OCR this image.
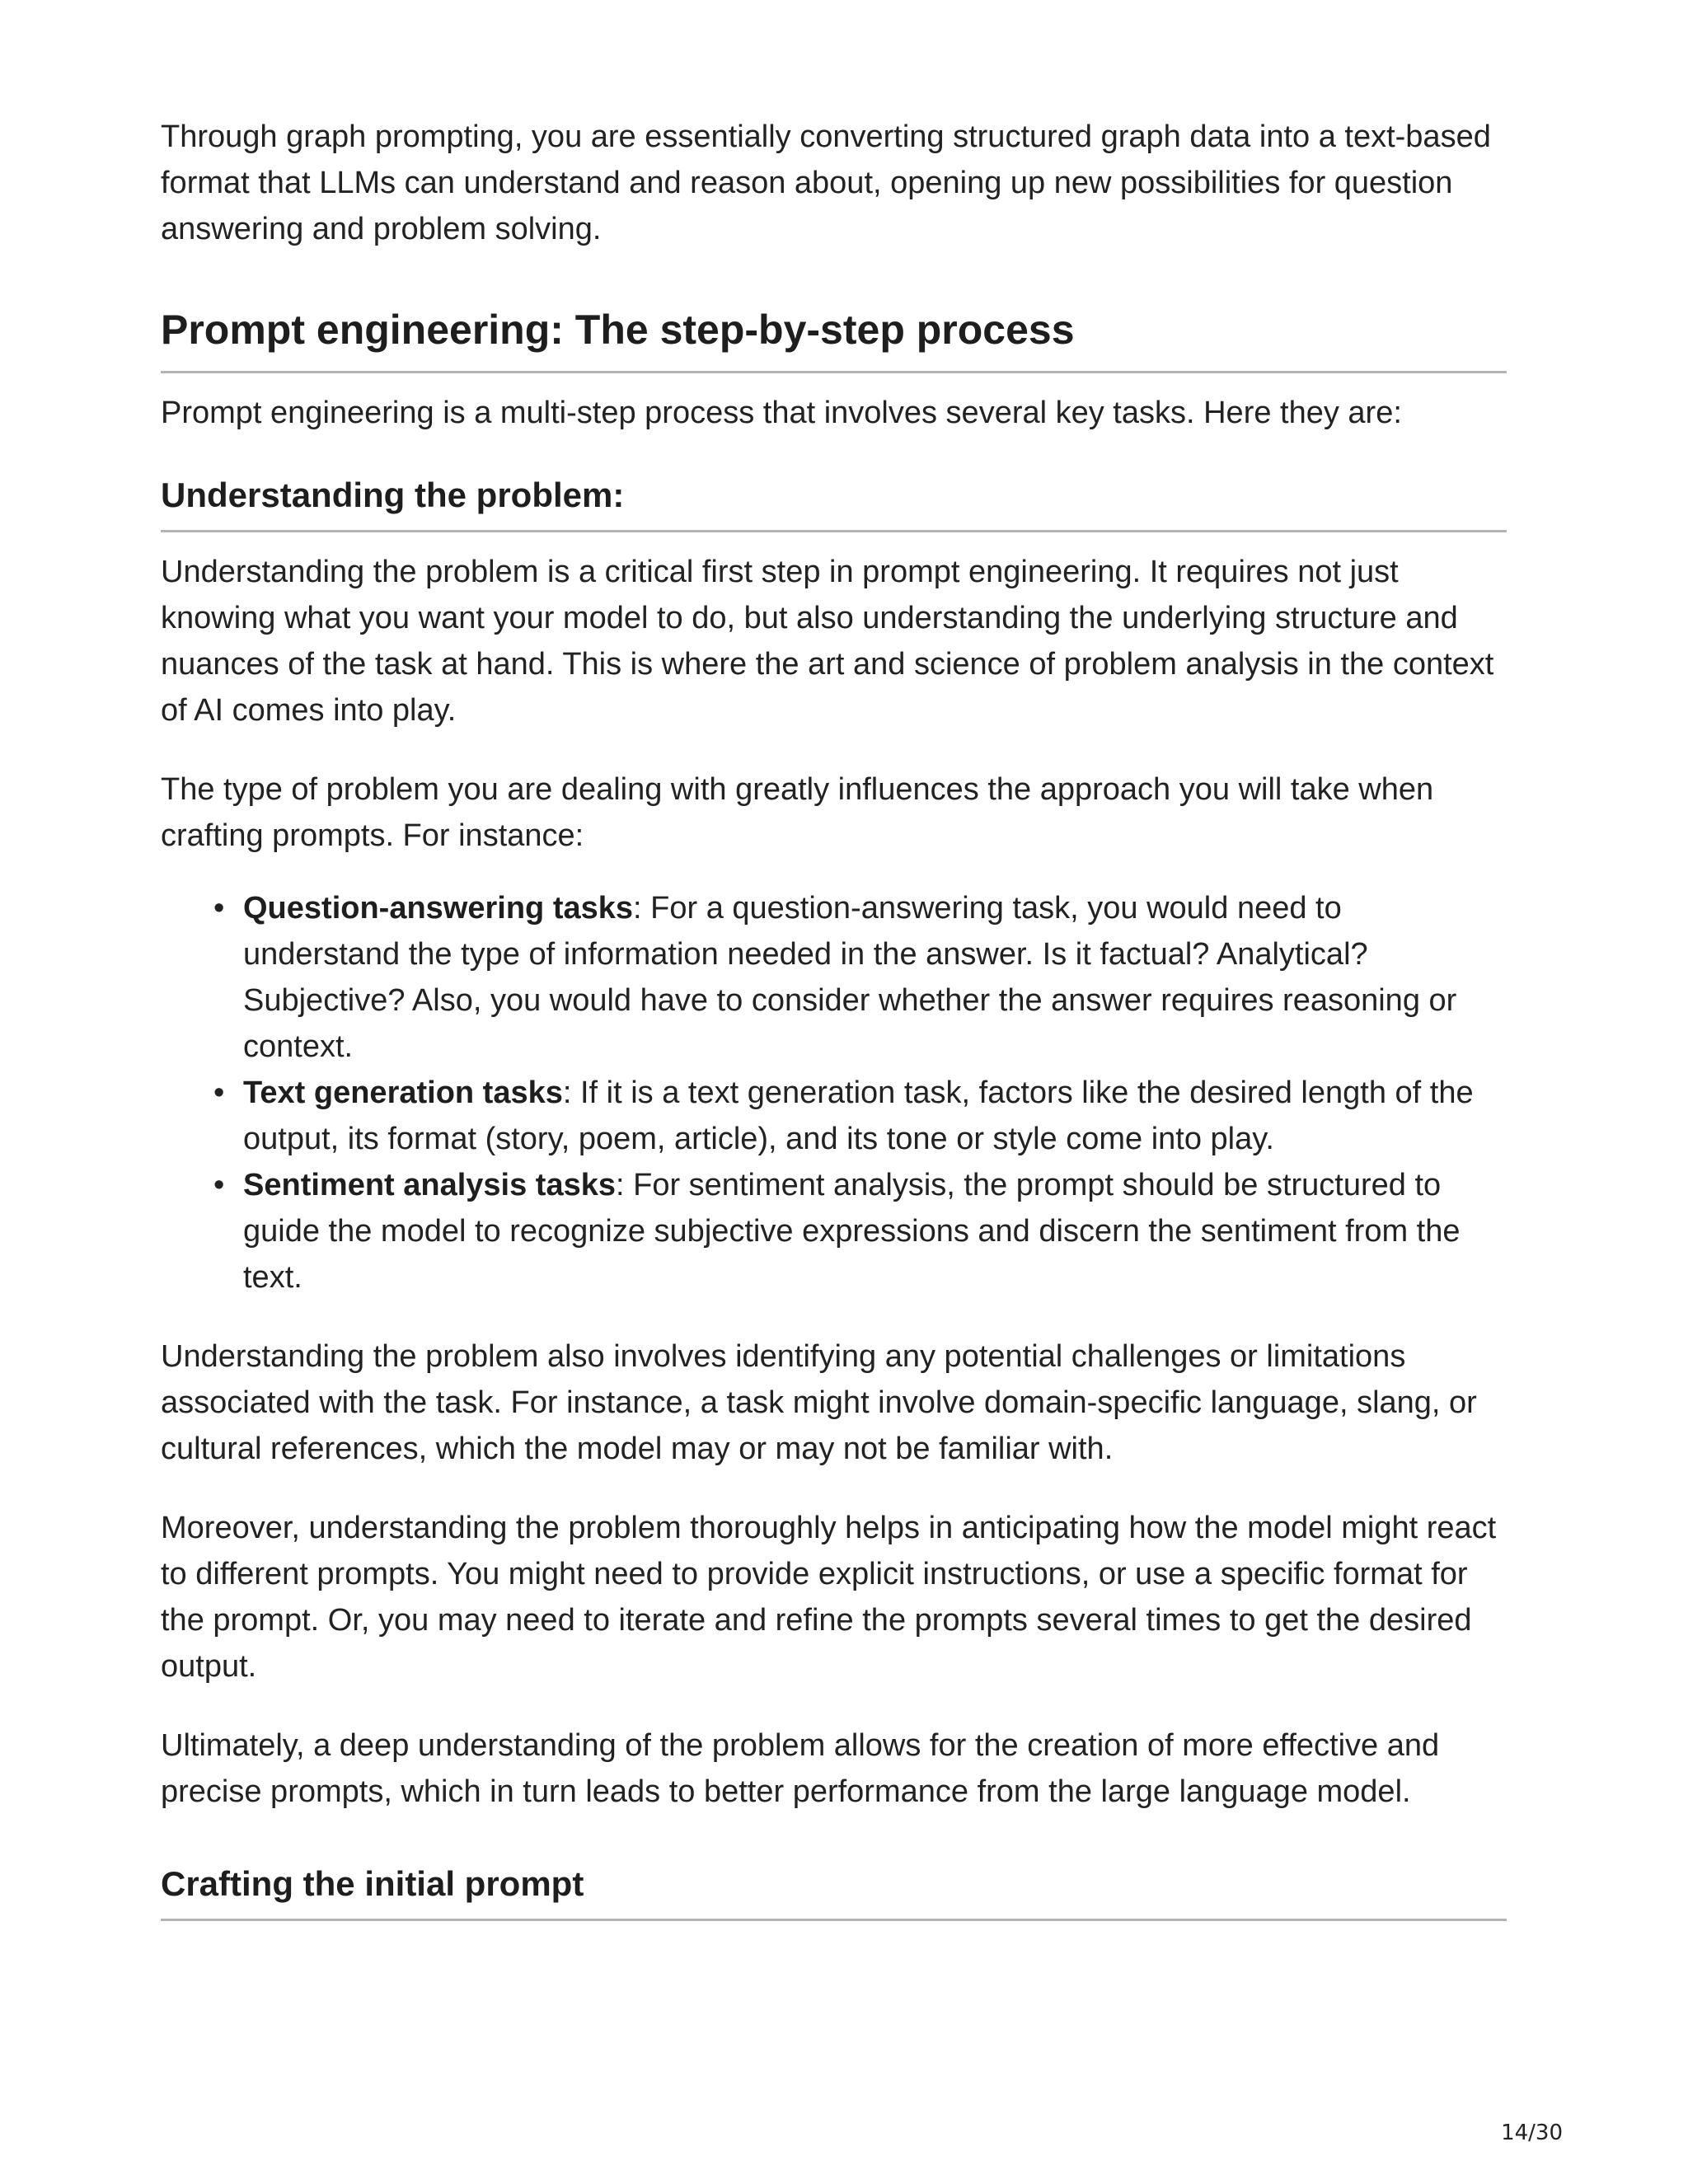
Through graph prompting, you are essentially converting structured graph data into a text-based format that LLMs can understand and reason about, opening up new possibilities for question answering and problem solving.

Prompt engineering: The step-by-step process

Prompt engineering is a multi-step process that involves several key tasks. Here they are:

Understanding the problem:

Understanding the problem is a critical first step in prompt engineering. It requires not just knowing what you want your model to do, but also understanding the underlying structure and nuances of the task at hand. This is where the art and science of problem analysis in the context of AI comes into play.

The type of problem you are dealing with greatly influences the approach you will take when crafting prompts. For instance:

• Question-answering tasks: For a question-answering task, you would need to understand the type of information needed in the answer. Is it factual? Analytical? Subjective? Also, you would have to consider whether the answer requires reasoning or context.
• Text generation tasks: If it is a text generation task, factors like the desired length of the output, its format (story, poem, article), and its tone or style come into play.
• Sentiment analysis tasks: For sentiment analysis, the prompt should be structured to guide the model to recognize subjective expressions and discern the sentiment from the text.

Understanding the problem also involves identifying any potential challenges or limitations associated with the task. For instance, a task might involve domain-specific language, slang, or cultural references, which the model may or may not be familiar with.

Moreover, understanding the problem thoroughly helps in anticipating how the model might react to different prompts. You might need to provide explicit instructions, or use a specific format for the prompt. Or, you may need to iterate and refine the prompts several times to get the desired output.

Ultimately, a deep understanding of the problem allows for the creation of more effective and precise prompts, which in turn leads to better performance from the large language model.

Crafting the initial prompt
14/30
